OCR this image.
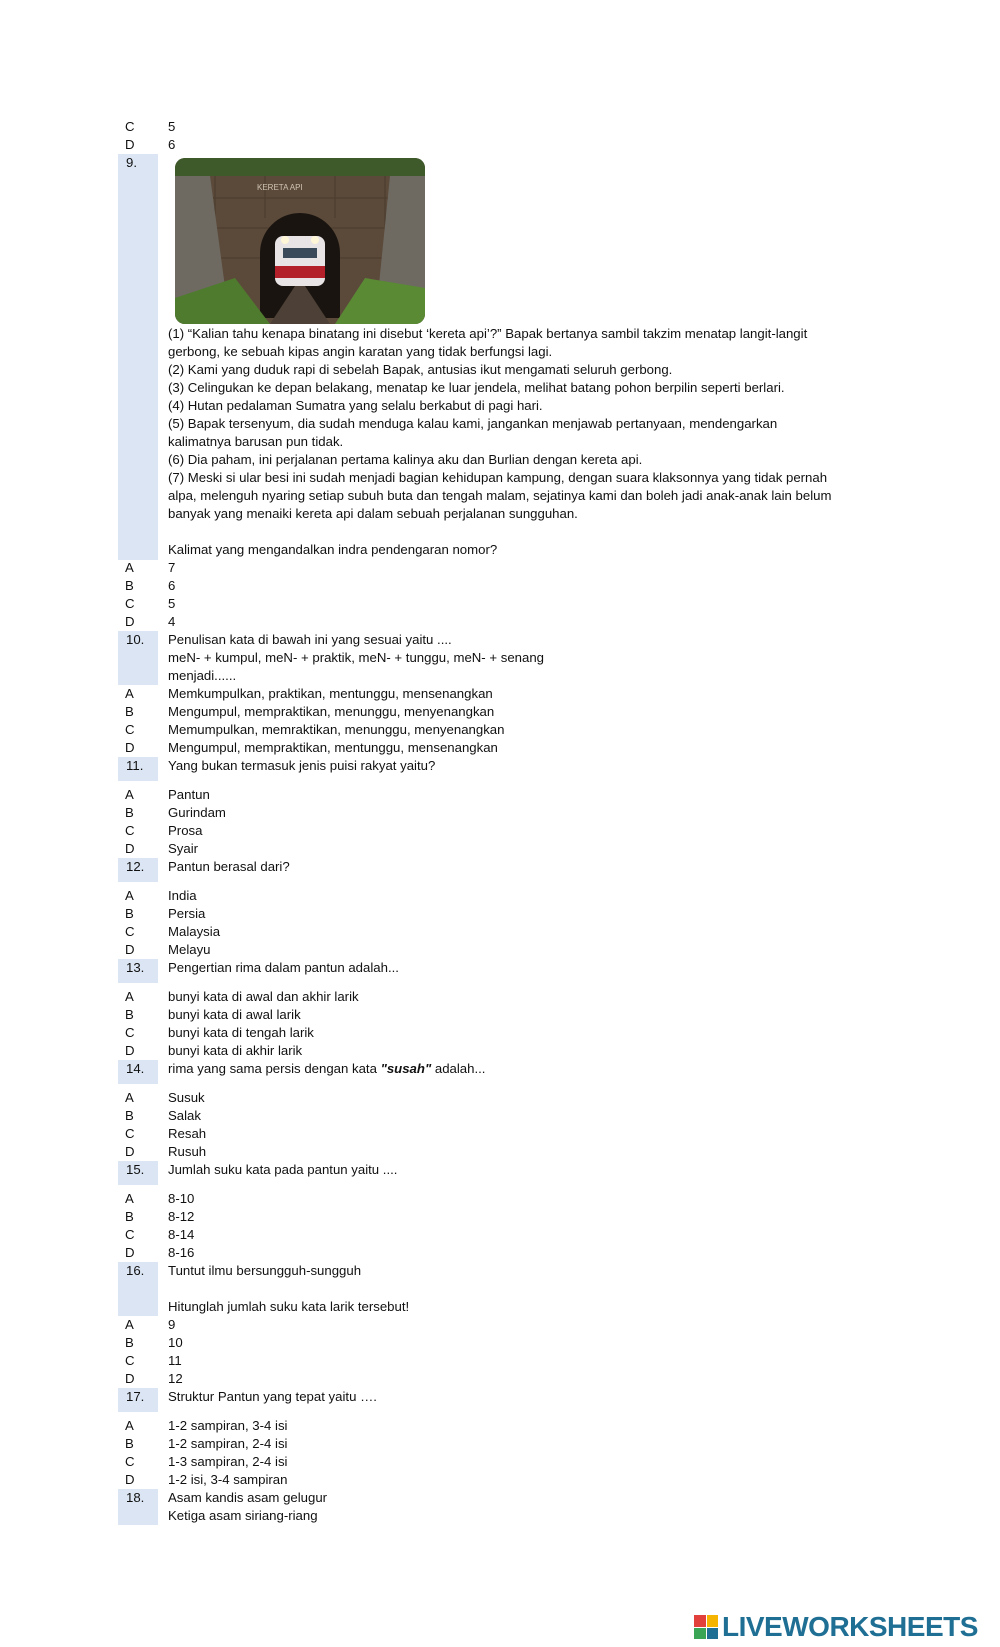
C	5
D	6
9.
KERETA API
(1) “Kalian tahu kenapa binatang ini disebut ‘kereta api’?” Bapak bertanya sambil takzim menatap langit-langit
gerbong, ke sebuah kipas angin karatan yang tidak berfungsi lagi.
(2) Kami yang duduk rapi di sebelah Bapak, antusias ikut mengamati seluruh gerbong.
(3) Celingukan ke depan belakang, menatap ke luar jendela, melihat batang pohon berpilin seperti berlari.
(4) Hutan pedalaman Sumatra yang selalu berkabut di pagi hari.
(5) Bapak tersenyum, dia sudah menduga kalau kami, jangankan menjawab pertanyaan, mendengarkan
kalimatnya barusan pun tidak.
(6) Dia paham, ini perjalanan pertama kalinya aku dan Burlian dengan kereta api.
(7) Meski si ular besi ini sudah menjadi bagian kehidupan kampung, dengan suara klaksonnya yang tidak pernah
alpa, melenguh nyaring setiap subuh buta dan tengah malam, sejatinya kami dan boleh jadi anak-anak lain belum
banyak yang menaiki kereta api dalam sebuah perjalanan sungguhan.
Kalimat yang mengandalkan indra pendengaran nomor?
A	7
B	6
C	5
D	4
10. Penulisan kata di bawah ini yang sesuai yaitu ....
meN- + kumpul, meN- + praktik, meN- + tunggu, meN- + senang
menjadi......
A	Memkumpulkan, praktikan, mentunggu, mensenangkan
B	Mengumpul, mempraktikan, menunggu, menyenangkan
C	Memumpulkan, memraktikan, menunggu, menyenangkan
D	Mengumpul, mempraktikan, mentunggu, mensenangkan
11. Yang bukan termasuk jenis puisi rakyat yaitu?
A	Pantun
B	Gurindam
C	Prosa
D	Syair
12. Pantun berasal dari?
A	India
B	Persia
C	Malaysia
D	Melayu
13. Pengertian rima dalam pantun adalah...
A	bunyi kata di awal dan akhir larik
B	bunyi kata di awal larik
C	bunyi kata di tengah larik
D	bunyi kata di akhir larik
14. rima yang sama persis dengan kata "susah" adalah...
A	Susuk
B	Salak
C	Resah
D	Rusuh
15. Jumlah suku kata pada pantun yaitu ....
A	8-10
B	8-12
C	8-14
D	8-16
16. Tuntut ilmu bersungguh-sungguh
Hitunglah jumlah suku kata larik tersebut!
A	9
B	10
C	11
D	12
17. Struktur Pantun yang tepat yaitu ….
A	1-2 sampiran, 3-4 isi
B	1-2 sampiran, 2-4 isi
C	1-3 sampiran, 2-4 isi
D	1-2 isi, 3-4 sampiran
18. Asam kandis asam gelugur
Ketiga asam siriang-riang
LIVEWORKSHEETS
